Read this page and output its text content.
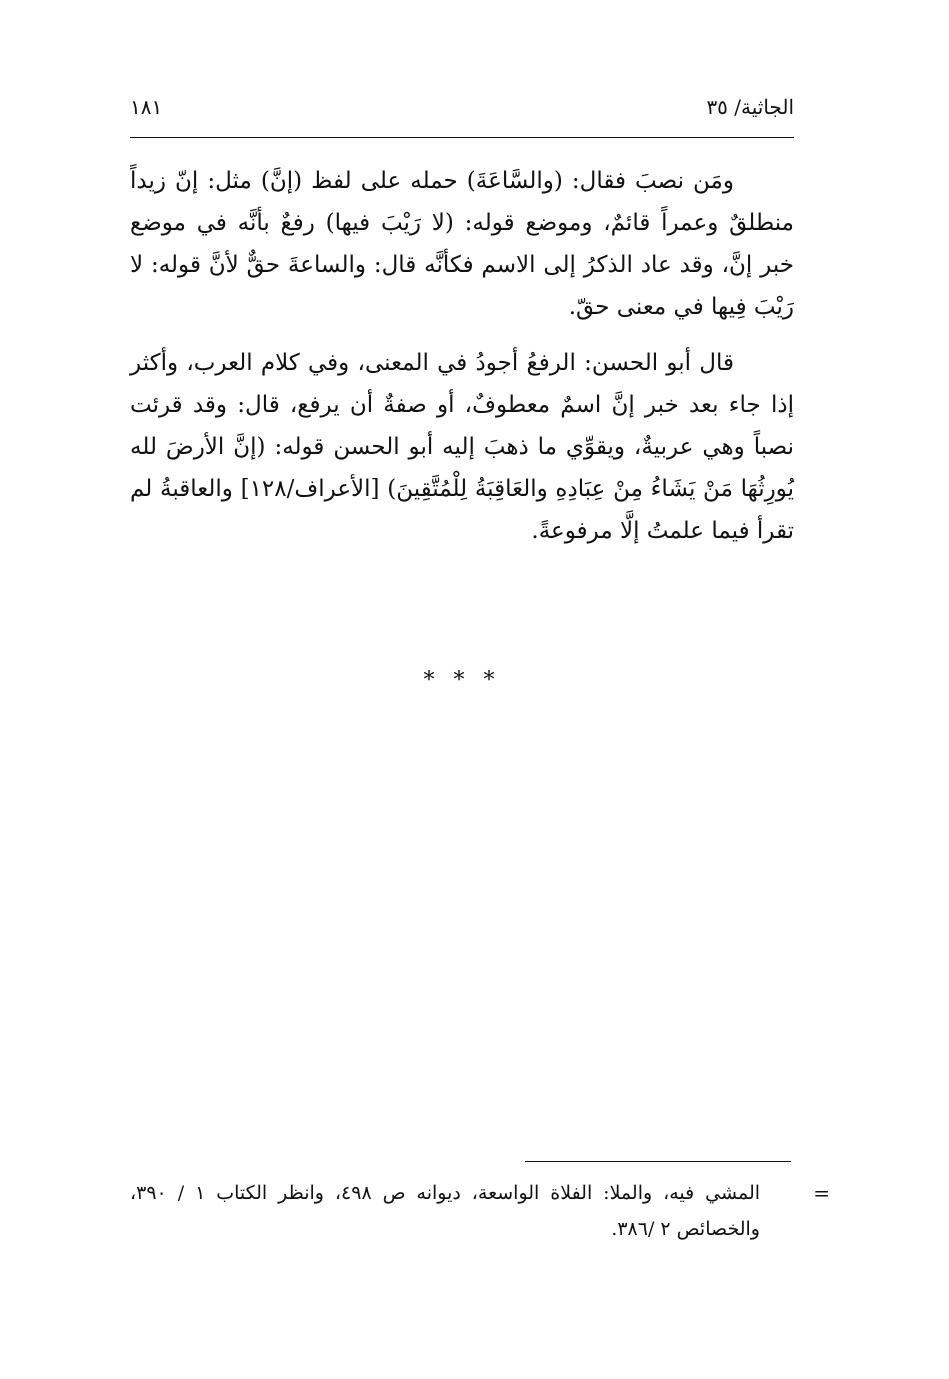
الجاثية/ ٣٥
١٨١

ومَن نصبَ فقال: (والسَّاعَةَ) حمله على لفظ (إنَّ) مثل: إنّ زيداً منطلقٌ وعمراً قائمٌ، وموضع قوله: (لا رَيْبَ فيها) رفعٌ بأنَّه في موضع خبر إنَّ، وقد عاد الذكرُ إلى الاسم فكأنَّه قال: والساعةَ حقٌّ لأنَّ قوله: لا رَيْبَ فِيها في معنى حقّ.

قال أبو الحسن: الرفعُ أجودُ في المعنى، وفي كلام العرب، وأكثر إذا جاء بعد خبر إنَّ اسمٌ معطوفٌ، أو صفةٌ أن يرفع، قال: وقد قرئت نصباً وهي عربيةٌ، ويقوِّي ما ذهبَ إليه أبو الحسن قوله: (إنَّ الأرضَ لله يُورِثُهَا مَنْ يَشَاءُ مِنْ عِبَادِهِ والعَاقِبَةُ لِلْمُتَّقِينَ) [الأعراف/١٢٨] والعاقبةُ لم تقرأ فيما علمتُ إلَّا مرفوعةً.

* * *
=

المشي فيه، والملا: الفلاة الواسعة، ديوانه ص ٤٩٨، وانظر الكتاب ١ / ٣٩٠، والخصائص ٢ /٣٨٦.
